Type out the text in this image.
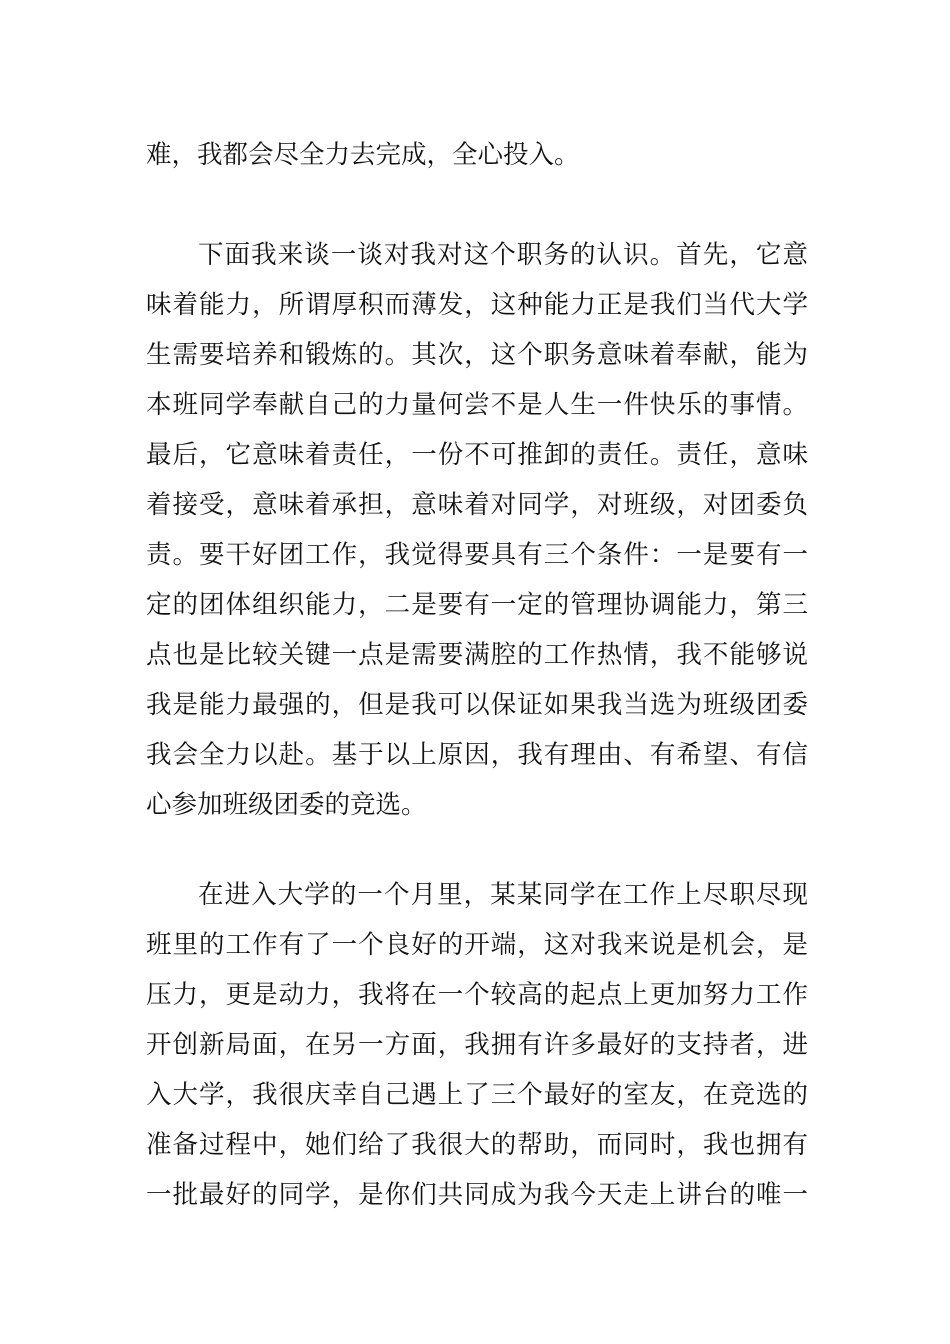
难，我都会尽全力去完成，全心投入。
下面我来谈一谈对我对这个职务的认识。首先，它意
味着能力，所谓厚积而薄发，这种能力正是我们当代大学
生需要培养和锻炼的。其次，这个职务意味着奉献，能为
本班同学奉献自己的力量何尝不是人生一件快乐的事情。
最后，它意味着责任，一份不可推卸的责任。责任，意味
着接受，意味着承担，意味着对同学，对班级，对团委负
责。要干好团工作，我觉得要具有三个条件：一是要有一
定的团体组织能力，二是要有一定的管理协调能力，第三
点也是比较关键一点是需要满腔的工作热情，我不能够说
我是能力最强的，但是我可以保证如果我当选为班级团委
我会全力以赴。基于以上原因，我有理由、有希望、有信
心参加班级团委的竞选。
在进入大学的一个月里，某某同学在工作上尽职尽现
班里的工作有了一个良好的开端，这对我来说是机会，是
压力，更是动力，我将在一个较高的起点上更加努力工作
开创新局面，在另一方面，我拥有许多最好的支持者，进
入大学，我很庆幸自己遇上了三个最好的室友，在竞选的
准备过程中，她们给了我很大的帮助，而同时，我也拥有
一批最好的同学，是你们共同成为我今天走上讲台的唯一
